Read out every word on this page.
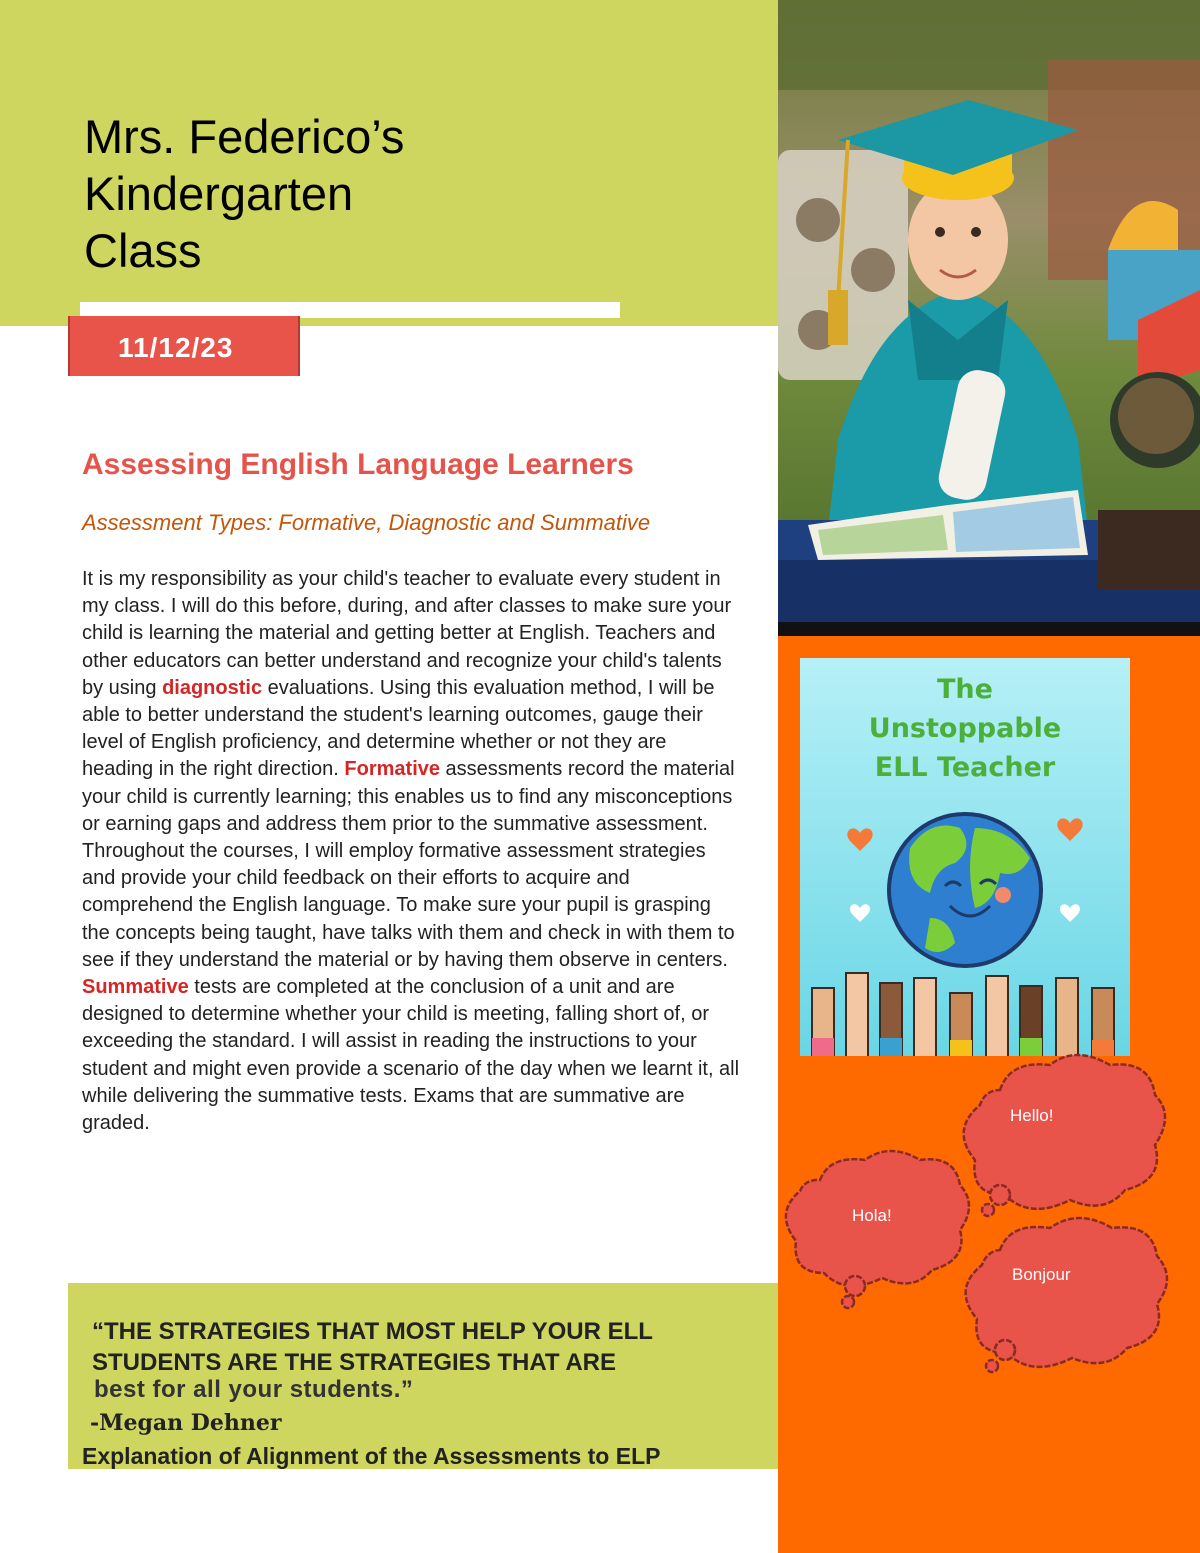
Mrs. Federico’s
Kindergarten
Class
11/12/23
Assessing English Language Learners
Assessment Types: Formative, Diagnostic and Summative
It is my responsibility as your child's teacher to evaluate every student in my class. I will do this before, during, and after classes to make sure your child is learning the material and getting better at English. Teachers and other educators can better understand and recognize your child's talents by using diagnostic evaluations. Using this evaluation method, I will be able to better understand the student's learning outcomes, gauge their level of English proficiency, and determine whether or not they are heading in the right direction. Formative assessments record the material your child is currently learning; this enables us to find any misconceptions or earning gaps and address them prior to the summative assessment. Throughout the courses, I will employ formative assessment strategies and provide your child feedback on their efforts to acquire and comprehend the English language. To make sure your pupil is grasping the concepts being taught, have talks with them and check in with them to see if they understand the material or by having them observe in centers. Summative tests are completed at the conclusion of a unit and are designed to determine whether your child is meeting, falling short of, or exceeding the standard. I will assist in reading the instructions to your student and might even provide a scenario of the day when we learnt it, all while delivering the summative tests. Exams that are summative are graded.
“THE STRATEGIES THAT MOST HELP YOUR ELL STUDENTS ARE THE STRATEGIES THAT ARE
best for all your students.”
-Megan Dehner
Explanation of Alignment of the Assessments to ELP
The
Unstoppable
ELL Teacher
Hello!
Hola!
Bonjour
